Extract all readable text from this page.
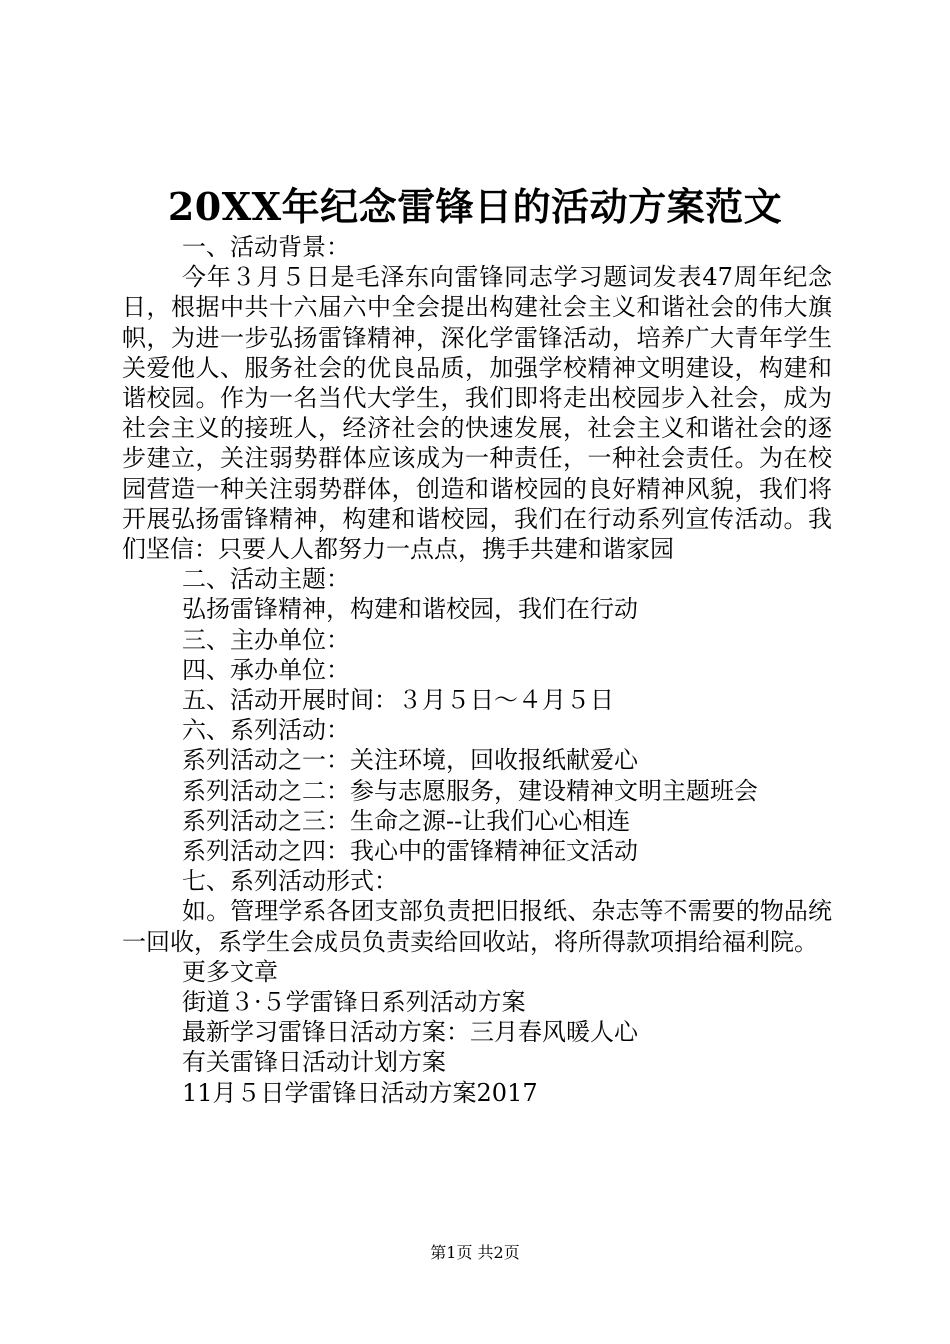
20XX年纪念雷锋日的活动方案范文
一、活动背景：
今年３月５日是毛泽东向雷锋同志学习题词发表47周年纪念日，根据中共十六届六中全会提出构建社会主义和谐社会的伟大旗帜，为进一步弘扬雷锋精神，深化学雷锋活动，培养广大青年学生关爱他人、服务社会的优良品质，加强学校精神文明建设，构建和谐校园。作为一名当代大学生，我们即将走出校园步入社会，成为社会主义的接班人，经济社会的快速发展，社会主义和谐社会的逐步建立，关注弱势群体应该成为一种责任，一种社会责任。为在校园营造一种关注弱势群体，创造和谐校园的良好精神风貌，我们将开展弘扬雷锋精神，构建和谐校园，我们在行动系列宣传活动。我们坚信：只要人人都努力一点点，携手共建和谐家园
二、活动主题：
弘扬雷锋精神，构建和谐校园，我们在行动
三、主办单位：
四、承办单位：
五、活动开展时间：３月５日～４月５日
六、系列活动：
系列活动之一：关注环境，回收报纸献爱心
系列活动之二：参与志愿服务，建设精神文明主题班会
系列活动之三：生命之源--让我们心心相连
系列活动之四：我心中的雷锋精神征文活动
七、系列活动形式：
如。管理学系各团支部负责把旧报纸、杂志等不需要的物品统一回收，系学生会成员负责卖给回收站，将所得款项捐给福利院。
更多文章
街道３·５学雷锋日系列活动方案
最新学习雷锋日活动方案：三月春风暖人心
有关雷锋日活动计划方案
11月５日学雷锋日活动方案2017
第1页 共2页
